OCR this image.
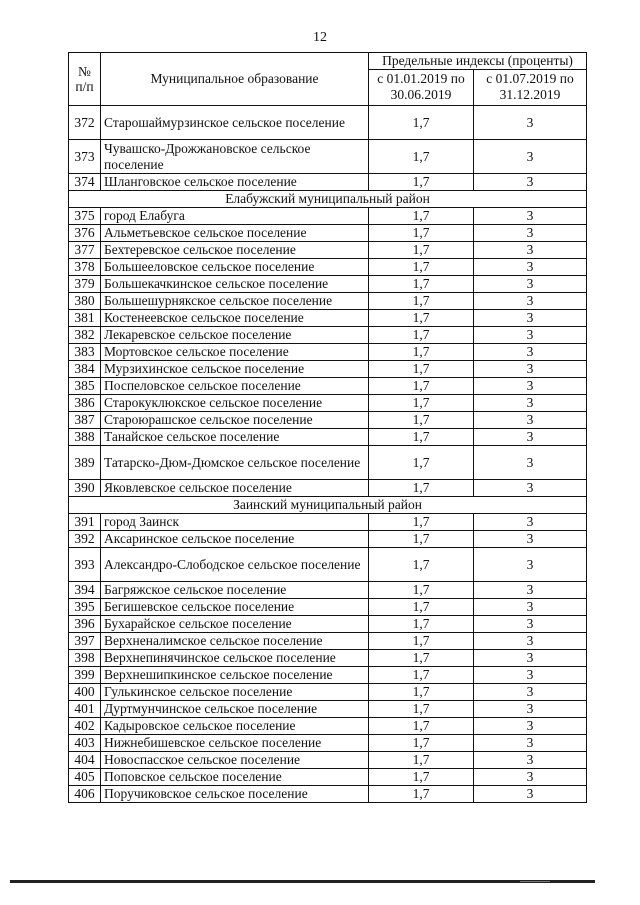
12
№ п/п	Муниципальное образование	Предельные индексы (проценты)	
		с 01.01.2019 по 30.06.2019	с 01.07.2019 по 31.12.2019
372	Старошаймурзинское сельское поселение	1,7	3
373	Чувашско-Дрожжановское сельское поселение	1,7	3
374	Шланговское сельское поселение	1,7	3
Елабужский муниципальный район			
375	город Елабуга	1,7	3
376	Альметьевское сельское поселение	1,7	3
377	Бехтеревское сельское поселение	1,7	3
378	Большееловское сельское поселение	1,7	3
379	Большекачкинское сельское поселение	1,7	3
380	Большешурнякское сельское поселение	1,7	3
381	Костенеевское сельское поселение	1,7	3
382	Лекаревское сельское поселение	1,7	3
383	Мортовское сельское поселение	1,7	3
384	Мурзихинское сельское поселение	1,7	3
385	Поспеловское сельское поселение	1,7	3
386	Старокуклюкское сельское поселение	1,7	3
387	Староюрашское сельское поселение	1,7	3
388	Танайское сельское поселение	1,7	3
389	Татарско-Дюм-Дюмское сельское поселение	1,7	3
390	Яковлевское сельское поселение	1,7	3
Заинский муниципальный район			
391	город Заинск	1,7	3
392	Аксаринское сельское поселение	1,7	3
393	Александро-Слободское сельское поселение	1,7	3
394	Багряжское сельское поселение	1,7	3
395	Бегишевское сельское поселение	1,7	3
396	Бухарайское сельское поселение	1,7	3
397	Верхненалимское сельское поселение	1,7	3
398	Верхнепинячинское сельское поселение	1,7	3
399	Верхнешипкинское сельское поселение	1,7	3
400	Гулькинское сельское поселение	1,7	3
401	Дуртмунчинское сельское поселение	1,7	3
402	Кадыровское сельское поселение	1,7	3
403	Нижнебишевское сельское поселение	1,7	3
404	Новоспасское сельское поселение	1,7	3
405	Поповское сельское поселение	1,7	3
406	Поручиковское сельское поселение	1,7	3
